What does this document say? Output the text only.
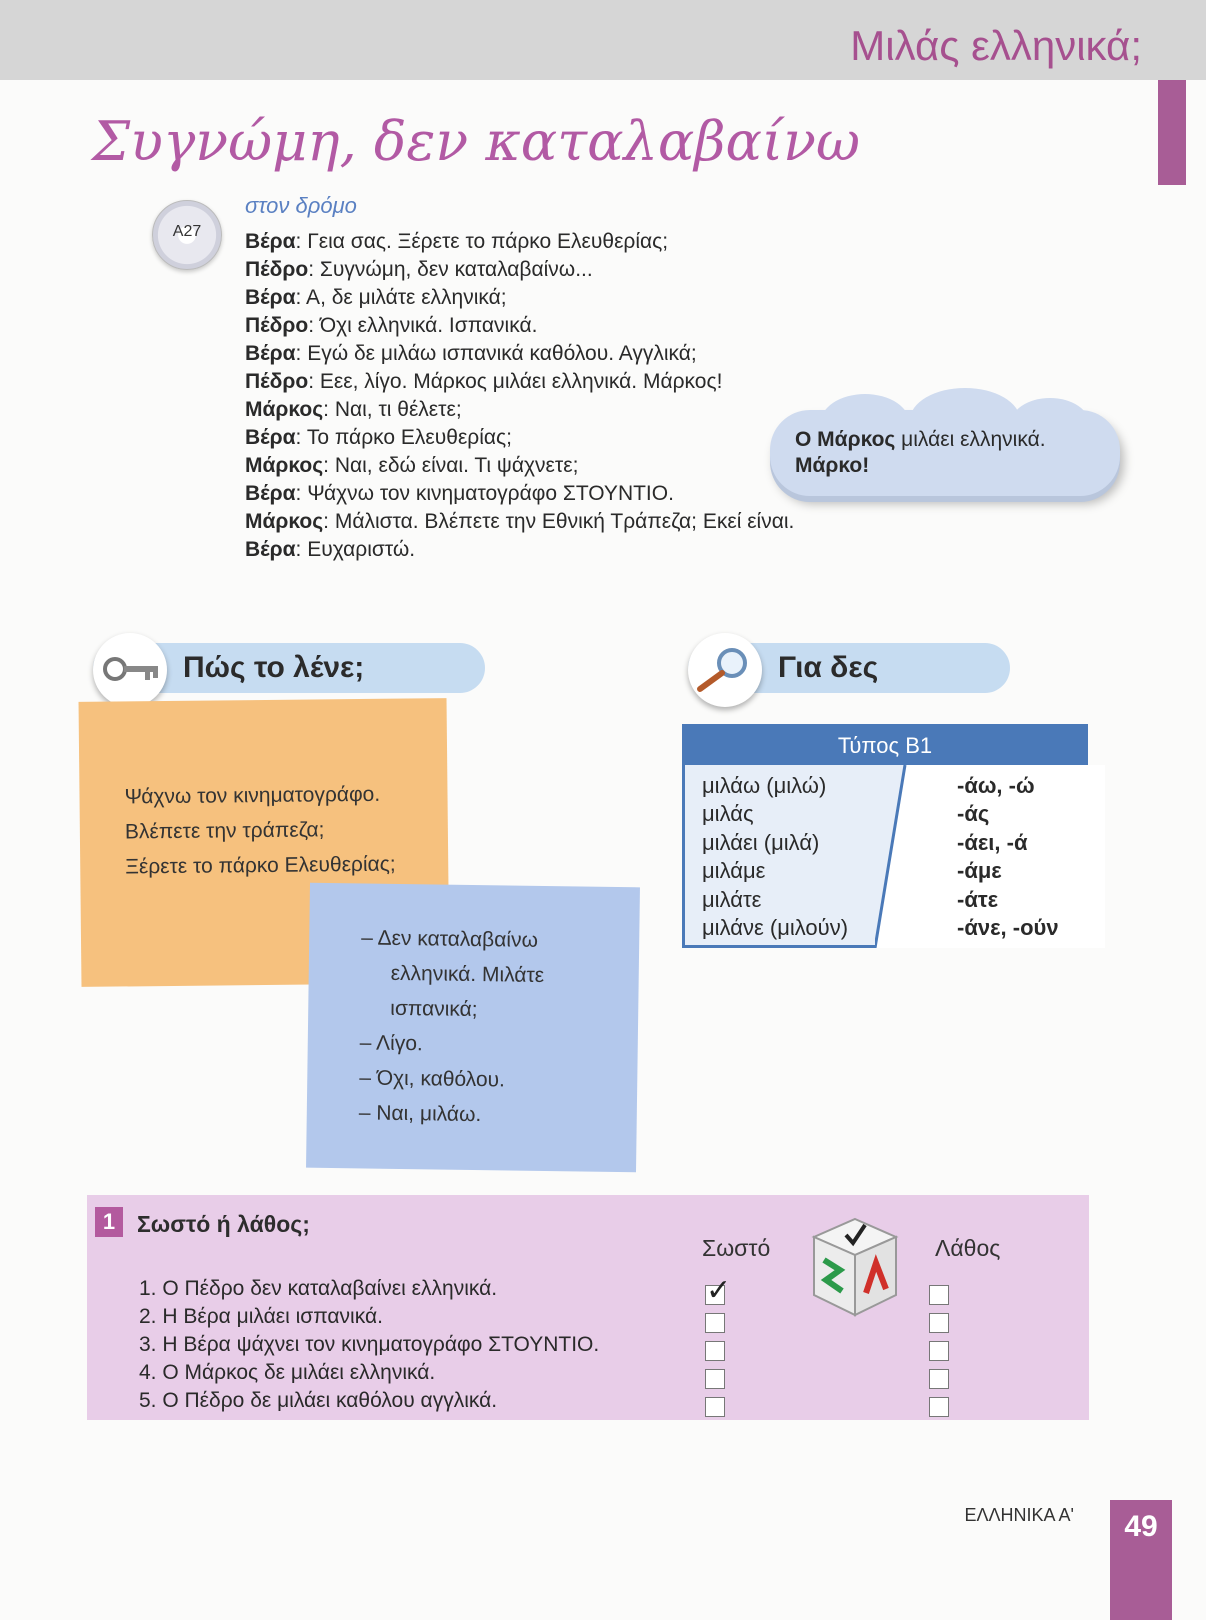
Μιλάς ελληνικά;
Συγνώμη, δεν καταλαβαίνω
A27
στον δρόμο
Βέρα: Γεια σας. Ξέρετε το πάρκο Ελευθερίας;
Πέδρο: Συγνώμη, δεν καταλαβαίνω...
Βέρα: Α, δε μιλάτε ελληνικά;
Πέδρο: Όχι ελληνικά. Ισπανικά.
Βέρα: Εγώ δε μιλάω ισπανικά καθόλου. Αγγλικά;
Πέδρο: Εεε, λίγο. Μάρκος μιλάει ελληνικά. Μάρκος!
Μάρκος: Ναι, τι θέλετε;
Βέρα: Το πάρκο Ελευθερίας;
Μάρκος: Ναι, εδώ είναι. Τι ψάχνετε;
Βέρα: Ψάχνω τον κινηματογράφο ΣΤΟΥΝΤΙΟ.
Μάρκος: Μάλιστα. Βλέπετε την Εθνική Τράπεζα; Εκεί είναι.
Βέρα: Ευχαριστώ.
Ο Μάρκος μιλάει ελληνικά.
Μάρκο!
Πώς το λένε;
Ψάχνω τον κινηματογράφο.
Βλέπετε την τράπεζα;
Ξέρετε το πάρκο Ελευθερίας;
– Δεν καταλαβαίνω
ελληνικά. Μιλάτε
ισπανικά;
– Λίγο.
– Όχι, καθόλου.
– Ναι, μιλάω.
Για δες
Τύπος Β1
μιλάω (μιλώ)
μιλάς
μιλάει (μιλά)
μιλάμε
μιλάτε
μιλάνε (μιλούν)
-άω, -ώ
-άς
-άει, -ά
-άμε
-άτε
-άνε, -ούν
1 Σωστό ή λάθος;
Σωστό	Λάθος
1. Ο Πέδρο δεν καταλαβαίνει ελληνικά.
2. Η Βέρα μιλάει ισπανικά.
3. Η Βέρα ψάχνει τον κινηματογράφο ΣΤΟΥΝΤΙΟ.
4. Ο Μάρκος δε μιλάει ελληνικά.
5. Ο Πέδρο δε μιλάει καθόλου αγγλικά.
✓
ΕΛΛΗΝΙΚΑ Α'	49
